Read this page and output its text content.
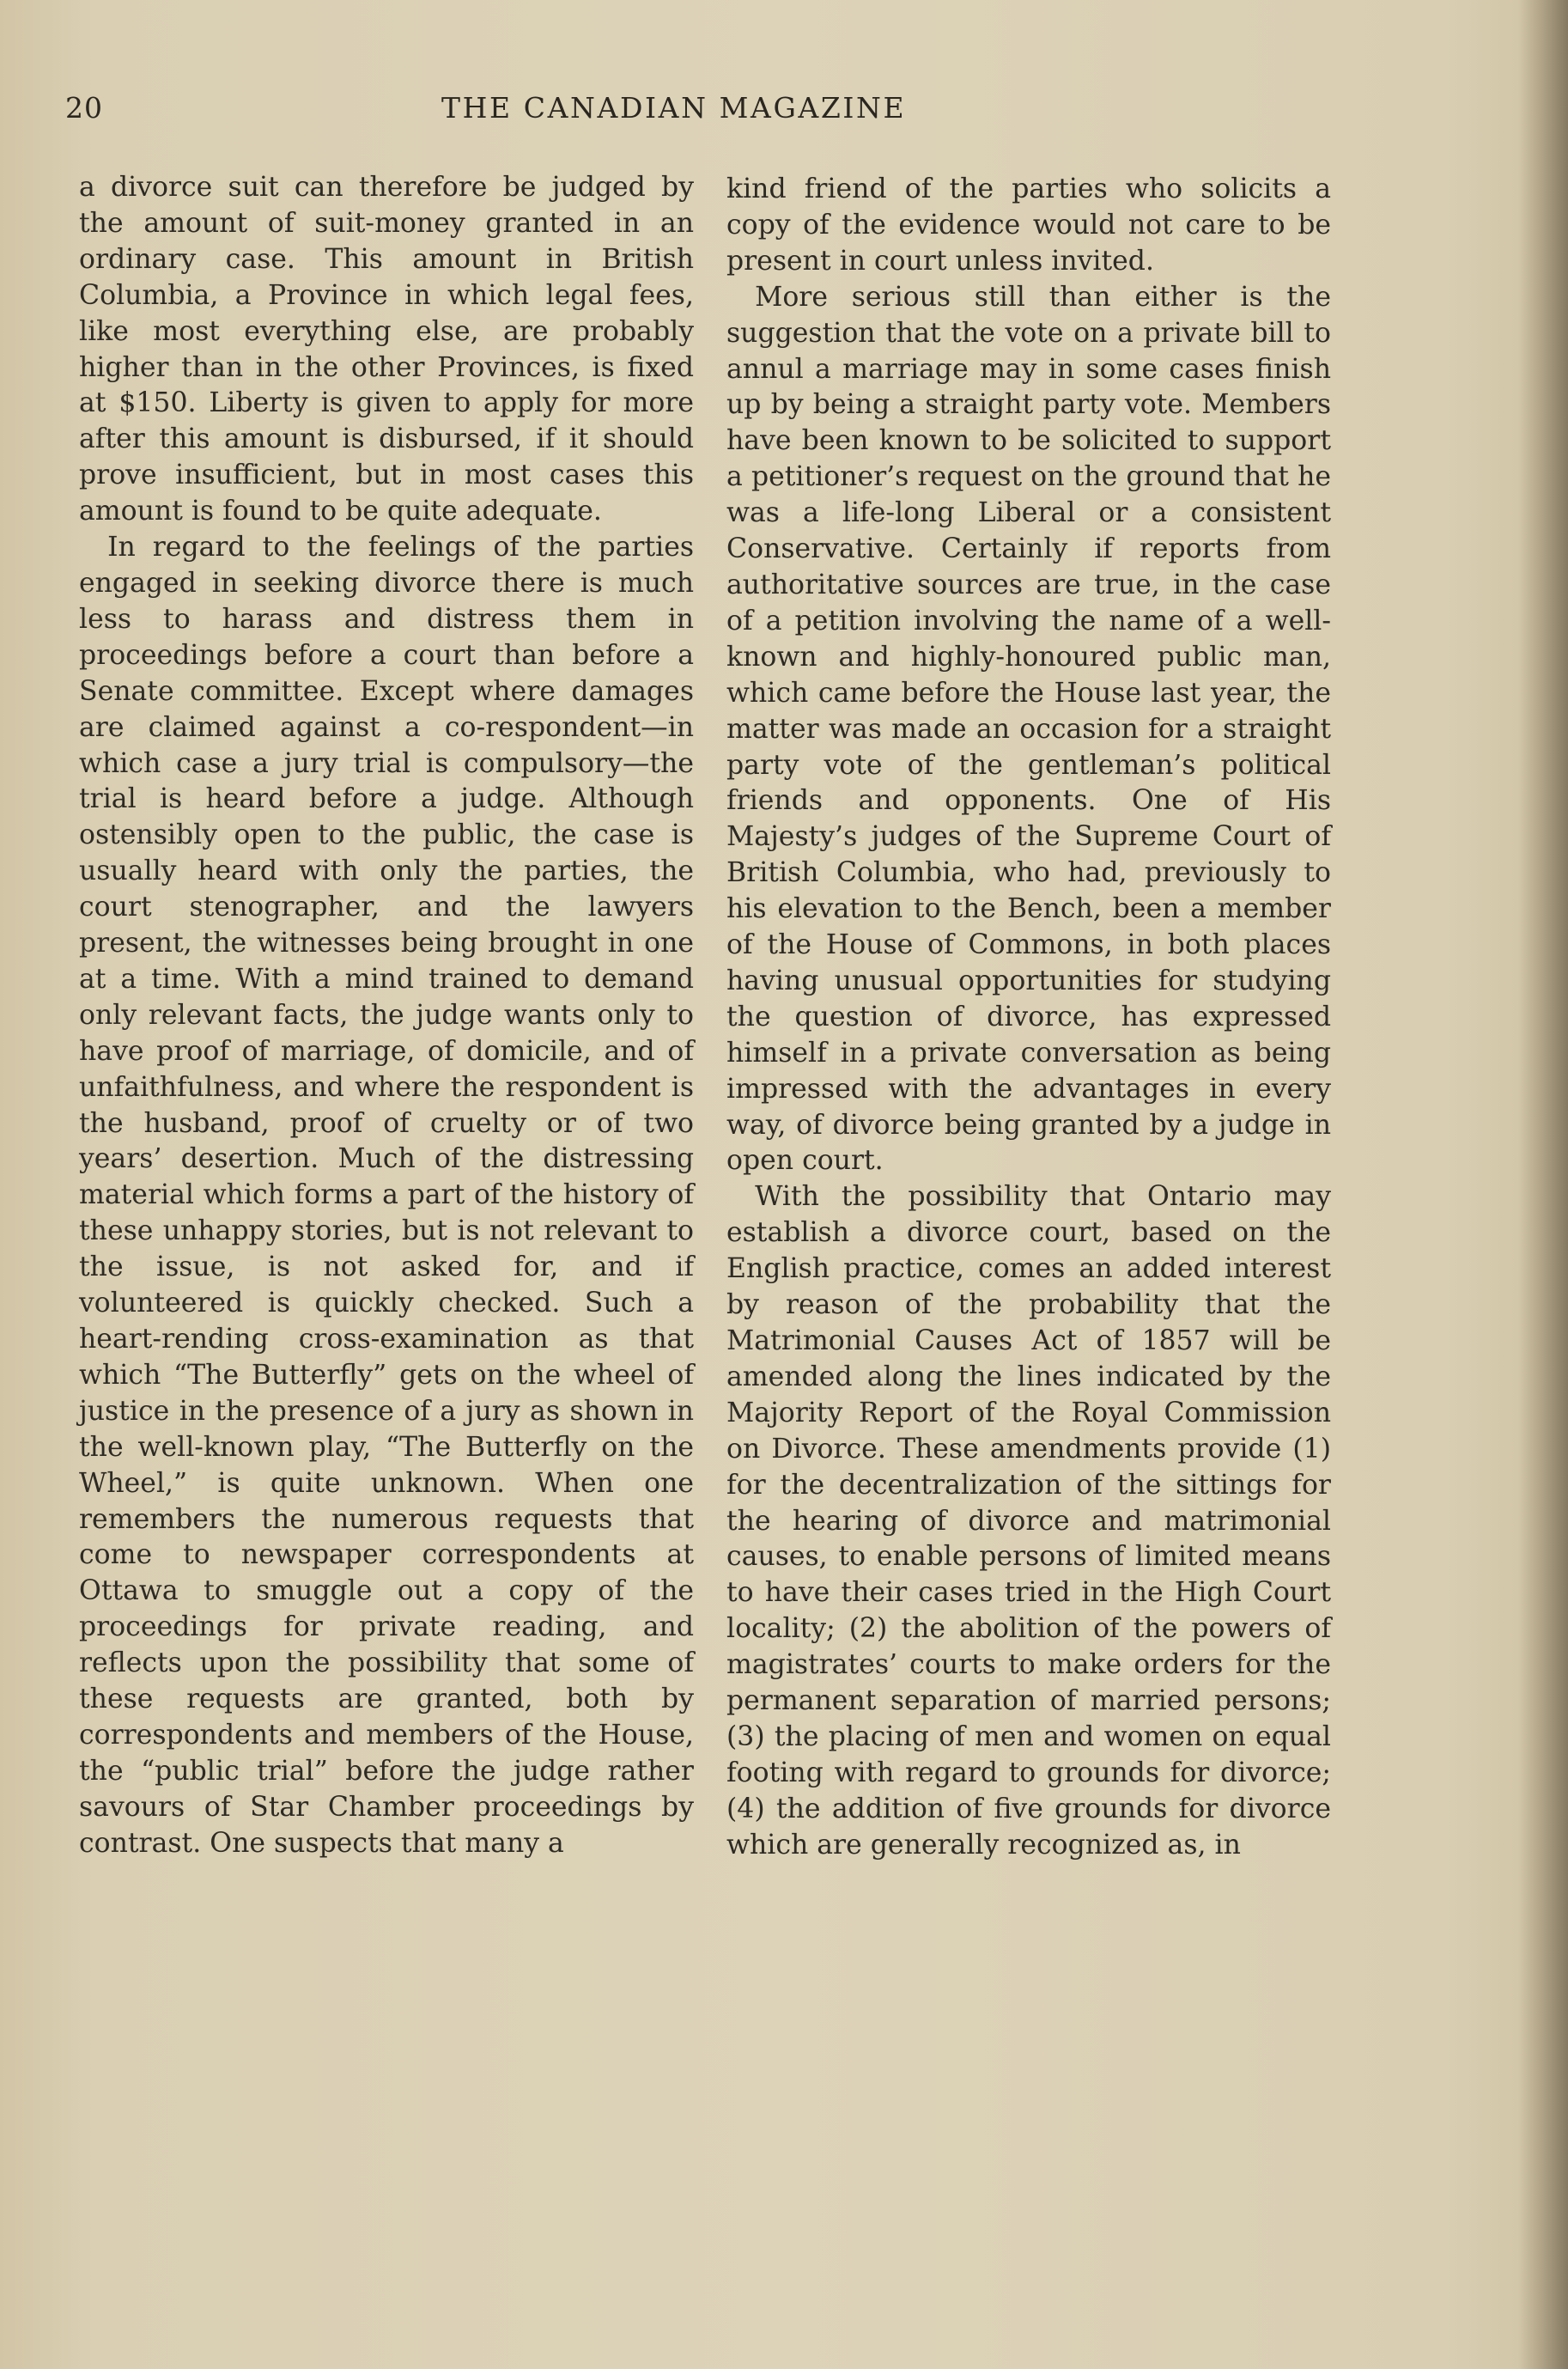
20	THE CANADIAN MAGAZINE

a divorce suit can therefore be judged by the amount of suit-money granted in an ordinary case. This amount in British Columbia, a Province in which legal fees, like most everything else, are probably higher than in the other Provinces, is fixed at $150. Liberty is given to apply for more after this amount is disbursed, if it should prove insufficient, but in most cases this amount is found to be quite adequate.

In regard to the feelings of the parties engaged in seeking divorce there is much less to harass and distress them in proceedings before a court than before a Senate committee. Except where damages are claimed against a co-respondent—in which case a jury trial is compulsory—the trial is heard before a judge. Although ostensibly open to the public, the case is usually heard with only the parties, the court stenographer, and the lawyers present, the witnesses being brought in one at a time. With a mind trained to demand only relevant facts, the judge wants only to have proof of marriage, of domicile, and of unfaithfulness, and where the respondent is the husband, proof of cruelty or of two years’ desertion. Much of the distressing material which forms a part of the history of these unhappy stories, but is not relevant to the issue, is not asked for, and if volunteered is quickly checked. Such a heart-rending cross-examination as that which “The Butterfly” gets on the wheel of justice in the presence of a jury as shown in the well-known play, “The Butterfly on the Wheel,” is quite unknown. When one remembers the numerous requests that come to newspaper correspondents at Ottawa to smuggle out a copy of the proceedings for private reading, and reflects upon the possibility that some of these requests are granted, both by correspondents and members of the House, the “public trial” before the judge rather savours of Star Chamber proceedings by contrast. One suspects that many a

kind friend of the parties who solicits a copy of the evidence would not care to be present in court unless invited.

More serious still than either is the suggestion that the vote on a private bill to annul a marriage may in some cases finish up by being a straight party vote. Members have been known to be solicited to support a petitioner’s request on the ground that he was a life-long Liberal or a consistent Conservative. Certainly if reports from authoritative sources are true, in the case of a petition involving the name of a well-known and highly-honoured public man, which came before the House last year, the matter was made an occasion for a straight party vote of the gentleman’s political friends and opponents. One of His Majesty’s judges of the Supreme Court of British Columbia, who had, previously to his elevation to the Bench, been a member of the House of Commons, in both places having unusual opportunities for studying the question of divorce, has expressed himself in a private conversation as being impressed with the advantages in every way, of divorce being granted by a judge in open court.

With the possibility that Ontario may establish a divorce court, based on the English practice, comes an added interest by reason of the probability that the Matrimonial Causes Act of 1857 will be amended along the lines indicated by the Majority Report of the Royal Commission on Divorce. These amendments provide (1) for the decentralization of the sittings for the hearing of divorce and matrimonial causes, to enable persons of limited means to have their cases tried in the High Court locality; (2) the abolition of the powers of magistrates’ courts to make orders for the permanent separation of married persons; (3) the placing of men and women on equal footing with regard to grounds for divorce; (4) the addition of five grounds for divorce which are generally recognized as, in
